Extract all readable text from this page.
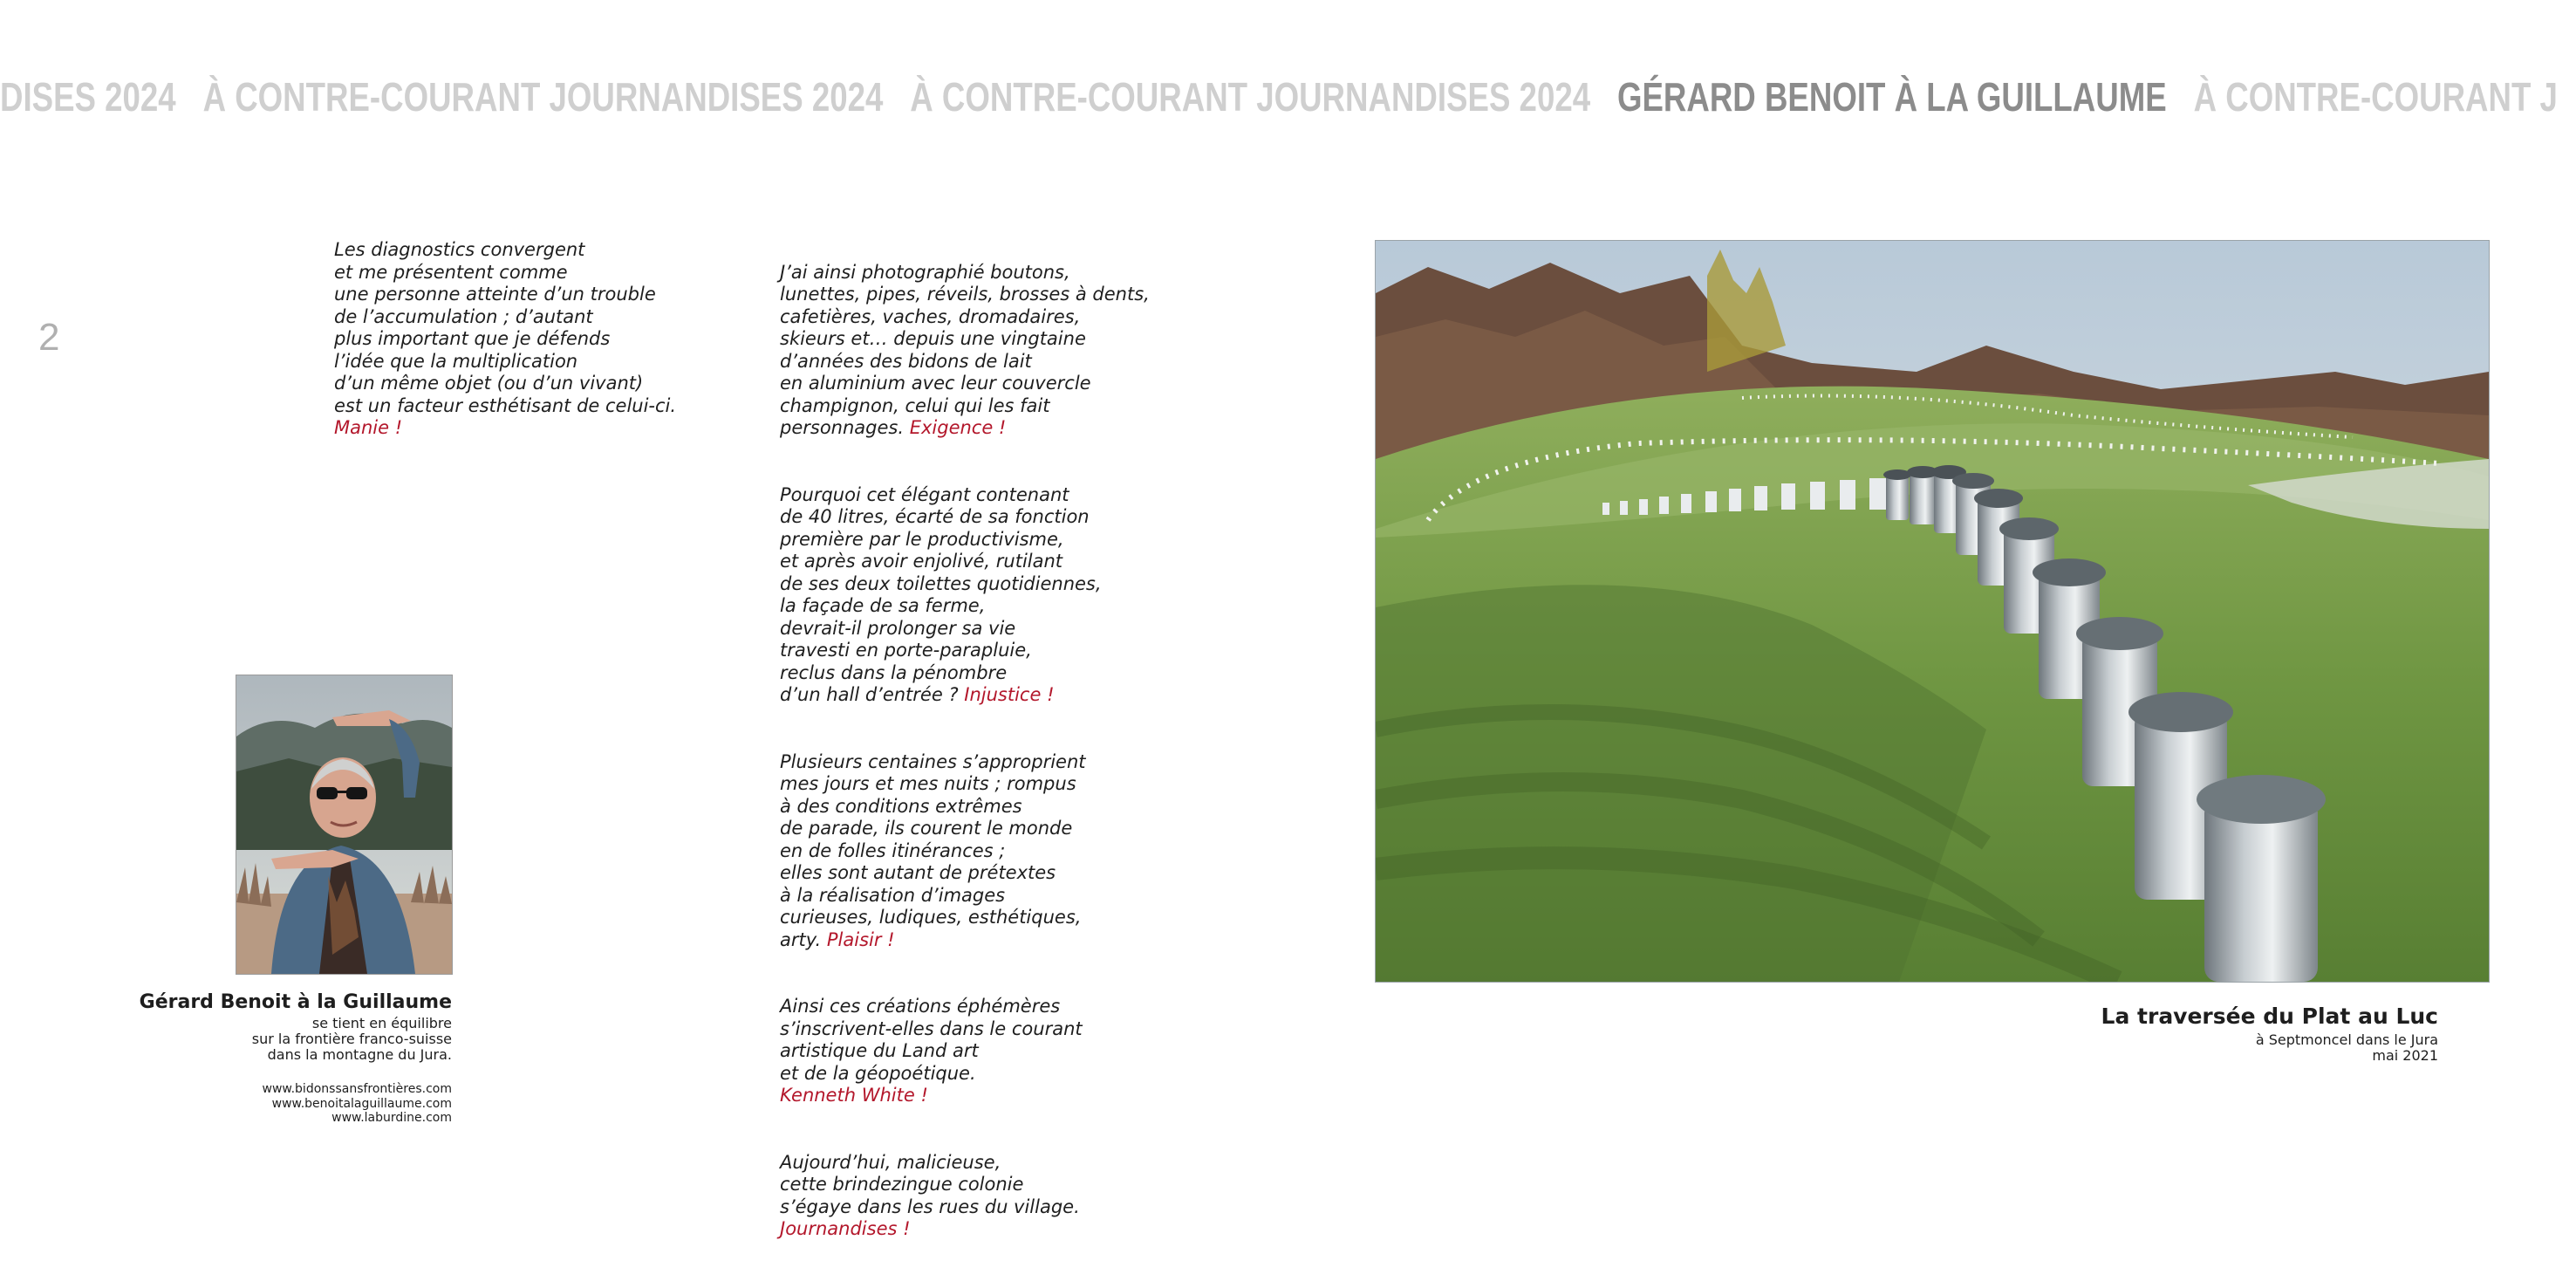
DISES 2024 À CONTRE-COURANT JOURNANDISES 2024 À CONTRE-COURANT JOURNANDISES 2024 GÉRARD BENOIT À LA GUILLAUME À CONTRE-COURANT J
2
Les diagnostics convergent
et me présentent comme
une personne atteinte d’un trouble
de l’accumulation ; d’autant
plus important que je défends
l’idée que la multiplication
d’un même objet (ou d’un vivant)
est un facteur esthétisant de celui-ci.
Manie !

J’ai ainsi photographié boutons,
lunettes, pipes, réveils, brosses à dents,
cafetières, vaches, dromadaires,
skieurs et… depuis une vingtaine
d’années des bidons de lait
en aluminium avec leur couvercle
champignon, celui qui les fait
personnages. Exigence !

Pourquoi cet élégant contenant
de 40 litres, écarté de sa fonction
première par le productivisme,
et après avoir enjolivé, rutilant
de ses deux toilettes quotidiennes,
la façade de sa ferme,
devrait-il prolonger sa vie
travesti en porte-parapluie,
reclus dans la pénombre
d’un hall d’entrée ? Injustice !

Plusieurs centaines s’approprient
mes jours et mes nuits ; rompus
à des conditions extrêmes
de parade, ils courent le monde
en de folles itinérances ;
elles sont autant de prétextes
à la réalisation d’images
curieuses, ludiques, esthétiques,
arty. Plaisir !

Ainsi ces créations éphémères
s’inscrivent-elles dans le courant
artistique du Land art
et de la géopoétique.
Kenneth White !

Aujourd’hui, malicieuse,
cette brindezingue colonie
s’égaye dans les rues du village.
Journandises !

Gérard Benoit à la Guillaume
se tient en équilibre
sur la frontière franco-suisse
dans la montagne du Jura.
www.bidonssansfrontières.com
www.benoitalaguillaume.com
www.laburdine.com
La traversée du Plat au Luc
à Septmoncel dans le Jura
mai 2021
